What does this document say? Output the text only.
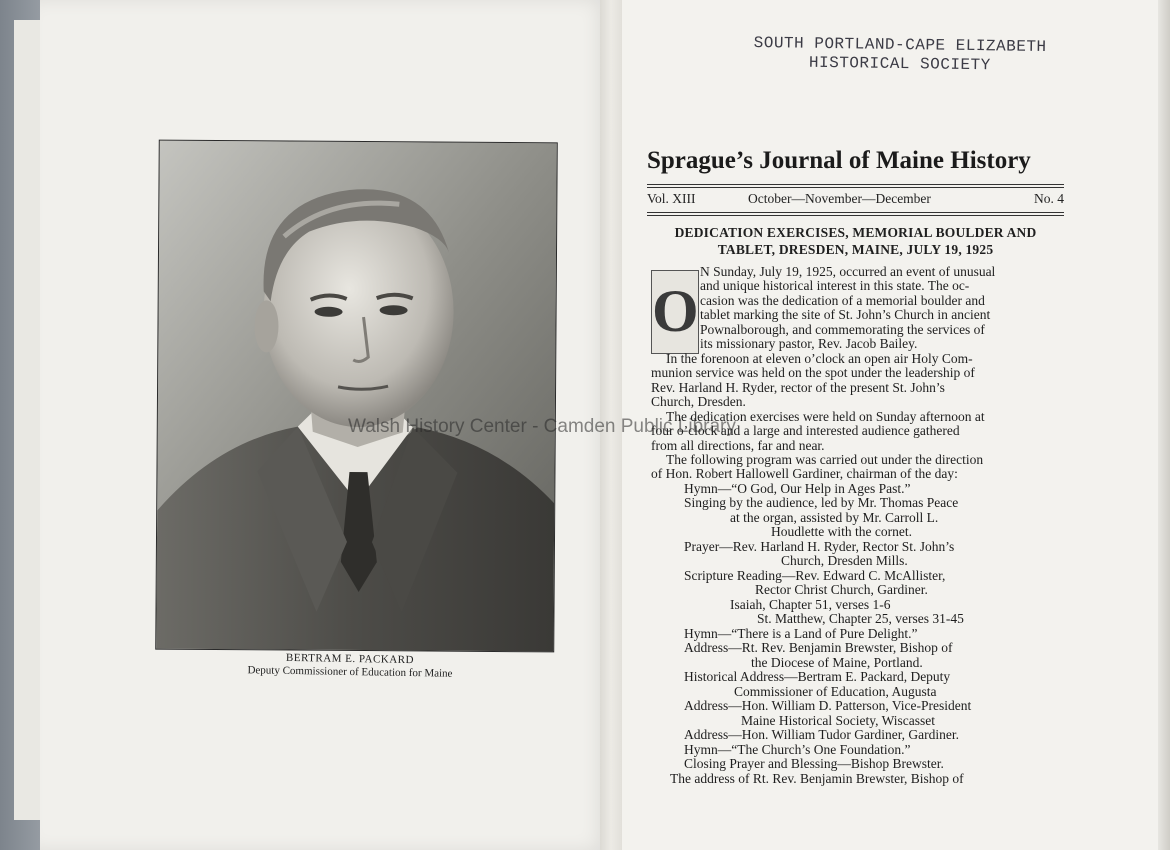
BERTRAM E. PACKARD
Deputy Commissioner of Education for Maine
SOUTH PORTLAND-CAPE ELIZABETH
HISTORICAL SOCIETY
Sprague’s Journal of Maine History
Vol. XIII	October—November—December	No. 4
DEDICATION EXERCISES, MEMORIAL BOULDER AND
TABLET, DRESDEN, MAINE, JULY 19, 1925
O
N Sunday, July 19, 1925, occurred an event of unusual
and unique historical interest in this state. The oc-
casion was the dedication of a memorial boulder and
tablet marking the site of St. John’s Church in ancient
Pownalborough, and commemorating the services of
its missionary pastor, Rev. Jacob Bailey.
In the forenoon at eleven o’clock an open air Holy Com-
munion service was held on the spot under the leadership of
Rev. Harland H. Ryder, rector of the present St. John’s
Church, Dresden.
The dedication exercises were held on Sunday afternoon at
four o’clock and a large and interested audience gathered
from all directions, far and near.
The following program was carried out under the direction
of Hon. Robert Hallowell Gardiner, chairman of the day:
Hymn—“O God, Our Help in Ages Past.”
Singing by the audience, led by Mr. Thomas Peace
at the organ, assisted by Mr. Carroll L.
Houdlette with the cornet.
Prayer—Rev. Harland H. Ryder, Rector St. John’s
Church, Dresden Mills.
Scripture Reading—Rev. Edward C. McAllister,
Rector Christ Church, Gardiner.
Isaiah, Chapter 51, verses 1-6
St. Matthew, Chapter 25, verses 31-45
Hymn—“There is a Land of Pure Delight.”
Address—Rt. Rev. Benjamin Brewster, Bishop of
the Diocese of Maine, Portland.
Historical Address—Bertram E. Packard, Deputy
Commissioner of Education, Augusta
Address—Hon. William D. Patterson, Vice-President
Maine Historical Society, Wiscasset
Address—Hon. William Tudor Gardiner, Gardiner.
Hymn—“The Church’s One Foundation.”
Closing Prayer and Blessing—Bishop Brewster.
The address of Rt. Rev. Benjamin Brewster, Bishop of
Walsh History Center - Camden Public Library
